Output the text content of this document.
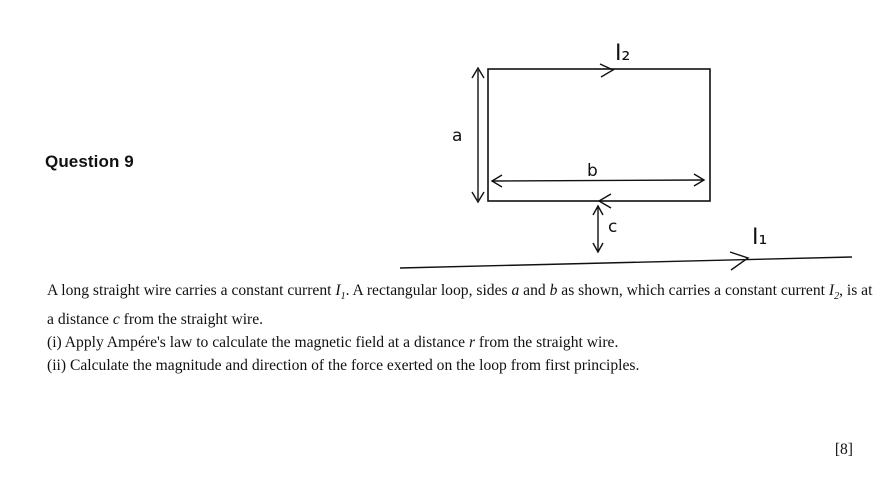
I₂
a
b
c	I₁
Question 9

A long straight wire carries a constant current $I_1$. A rectangular loop, sides a and b as shown, which carries a constant current $I_2$, is at a distance c from the straight wire.

(i) Apply Ampére's law to calculate the magnetic field at a distance r from the straight wire.

(ii) Calculate the magnitude and direction of the force exerted on the loop from first principles.

[8]
